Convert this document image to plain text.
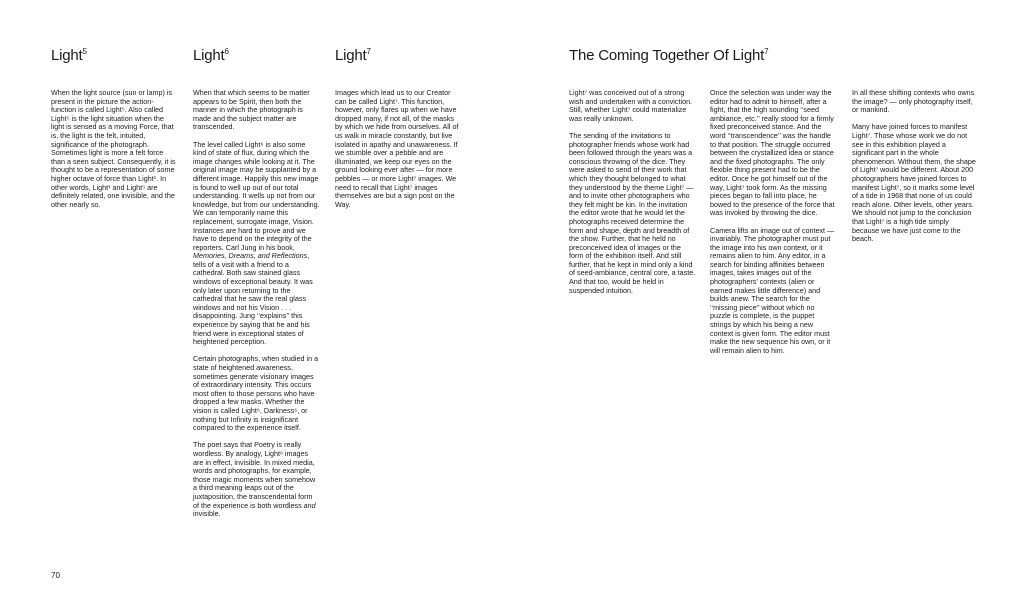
Light$^5$

When the light source (sun or lamp) is present in the picture the action-function is called Light⁵. Also called Light⁵ is the light situation when the light is sensed as a moving Force, that is, the light is the felt, intuited, significance of the photograph. Sometimes light is more a felt force than a seen subject. Consequently, it is thought to be a representation of some higher octave of force than Light¹. In other words, Light¹ and Light⁵ are definitely related, one invisible, and the other nearly so.

Light$^6$

When that which seems to be matter appears to be Spirit, then both the manner in which the photograph is made and the subject matter are transcended.

The level called Light⁶ is also some kind of state of flux, during which the image changes while looking at it. The original image may be supplanted by a different image. Happily this new image is found to well up out of our total understanding. It wells up not from our knowledge, but from our understanding. We can temporarily name this replacement, surrogate image, Vision. Instances are hard to prove and we have to depend on the integrity of the reporters. Carl Jung in his book, Memories, Dreams, and Reflections, tells of a visit with a friend to a cathedral. Both saw stained glass windows of exceptional beauty. It was only later upon returning to the cathedral that he saw the real glass windows and not his Vision . . . disappointing. Jung ‘‘explains’’ this experience by saying that he and his friend were in exceptional states of heightened perception.

Certain photographs, when studied in a state of heightened awareness, sometimes generate visionary images of extraordinary intensity. This occurs most often to those persons who have dropped a few masks. Whether the vision is called Light⁶, Darkness⁶, or nothing but Infinity is insignificant compared to the experience itself.

The poet says that Poetry is really wordless. By analogy, Light⁶ images are in effect, invisible. In mixed media, words and photographs, for example, those magic moments when somehow a third meaning leaps out of the juxtaposition, the transcendental form of the experience is both wordless and invisible.

Light$^7$

Images which lead us to our Creator can be called Light⁷. This function, however, only flares up when we have dropped many, if not all, of the masks by which we hide from ourselves. All of us walk in miracle constantly, but live isolated in apathy and unawareness. If we stumble over a pebble and are illuminated, we keep our eyes on the ground looking ever after — for more pebbles — or more Light⁷ images. We need to recall that Light⁷ images themselves are but a sign post on the Way.

70
The Coming Together Of Light$^7$

Light⁷ was conceived out of a strong wish and undertaken with a conviction. Still, whether Light⁷ could materialize was really unknown.

The sending of the invitations to photographer friends whose work had been followed through the years was a conscious throwing of the dice. They were asked to send of their work that which they thought belonged to what they understood by the theme Light⁷ — and to invite other photographers who they felt might be kin. In the invitation the editor wrote that he would let the photographs received determine the form and shape, depth and breadth of the show. Further, that he held no preconceived idea of images or the form of the exhibition itself. And still further, that he kept in mind only a kind of seed-ambiance, central core, a taste. And that too, would be held in suspended intuition.

Once the selection was under way the editor had to admit to himself, after a fight, that the high sounding ‘‘seed ambiance, etc.’’ really stood for a firmly fixed preconceived stance. And the word ‘‘transcendence’’ was the handle to that position. The struggle occurred between the crystallized idea or stance and the fixed photographs. The only flexible thing present had to be the editor. Once he got himself out of the way, Light⁷ took form. As the missing pieces began to fall into place, he bowed to the presence of the force that was invoked by throwing the dice.

Camera lifts an image out of context — invariably. The photographer must put the image into his own context, or it remains alien to him. Any editor, in a search for binding affinities between images, takes images out of the photographers’ contexts (alien or earned makes little difference) and builds anew. The search for the ‘‘missing piece’’ without which no puzzle is complete, is the puppet strings by which his being a new context is given form. The editor must make the new sequence his own, or it will remain alien to him.

In all these shifting contexts who owns the image? — only photography itself, or mankind.

Many have joined forces to manifest Light⁷. Those whose work we do not see in this exhibition played a significant part in the whole phenomenon. Without them, the shape of Light⁷ would be different. About 200 photographers have joined forces to manifest Light⁷, so it marks some level of a tide in 1968 that none of us could reach alone. Other levels, other years. We should not jump to the conclusion that Light⁷ is a high tide simply because we have just come to the beach.
